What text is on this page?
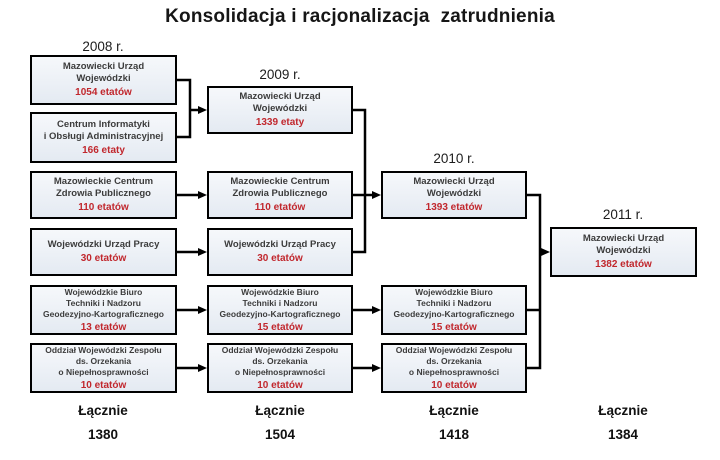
Konsolidacja i racjonalizacja  zatrudnienia
2008 r.
2009 r.
2010 r.
2011 r.
Mazowiecki Urząd
Wojewódzki
1054 etatów
Centrum Informatyki
i Obsługi Administracyjnej
166 etaty
Mazowieckie Centrum
Zdrowia Publicznego
110 etatów
Wojewódzki Urząd Pracy
30 etatów
Wojewódzkie Biuro
Techniki i Nadzoru
Geodezyjno-Kartograficznego
13 etatów
Oddział Wojewódzki Zespołu
ds. Orzekania
o Niepełnosprawności
10 etatów
Mazowiecki Urząd
Wojewódzki
1339 etaty
Mazowieckie Centrum
Zdrowia Publicznego
110 etatów
Wojewódzki Urząd Pracy
30 etatów
Wojewódzkie Biuro
Techniki i Nadzoru
Geodezyjno-Kartograficznego
15 etatów
Oddział Wojewódzki Zespołu
ds. Orzekania
o Niepełnosprawności
10 etatów
Mazowiecki Urząd
Wojewódzki
1393 etatów
Wojewódzkie Biuro
Techniki i Nadzoru
Geodezyjno-Kartograficznego
15 etatów
Oddział Wojewódzki Zespołu
ds. Orzekania
o Niepełnosprawności
10 etatów
Mazowiecki Urząd
Wojewódzki
1382 etatów
Łącznie
1380
Łącznie
1504
Łącznie
1418
Łącznie
1384
